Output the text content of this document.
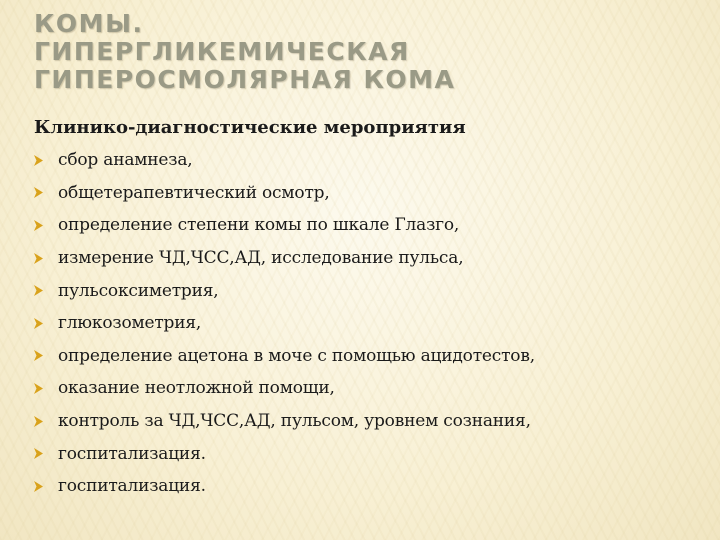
КОМЫ.
ГИПЕРГЛИКЕМИЧЕСКАЯ
ГИПЕРОСМОЛЯРНАЯ КОМА
Клинико-диагностические мероприятия
сбор анамнеза,
общетерапевтический осмотр,
определение степени комы по шкале Глазго,
измерение ЧД,ЧСС,АД, исследование пульса,
пульсоксиметрия,
глюкозометрия,
определение ацетона в моче с помощью ацидотестов,
оказание неотложной помощи,
контроль за ЧД,ЧСС,АД, пульсом, уровнем сознания,
госпитализация.
госпитализация.
